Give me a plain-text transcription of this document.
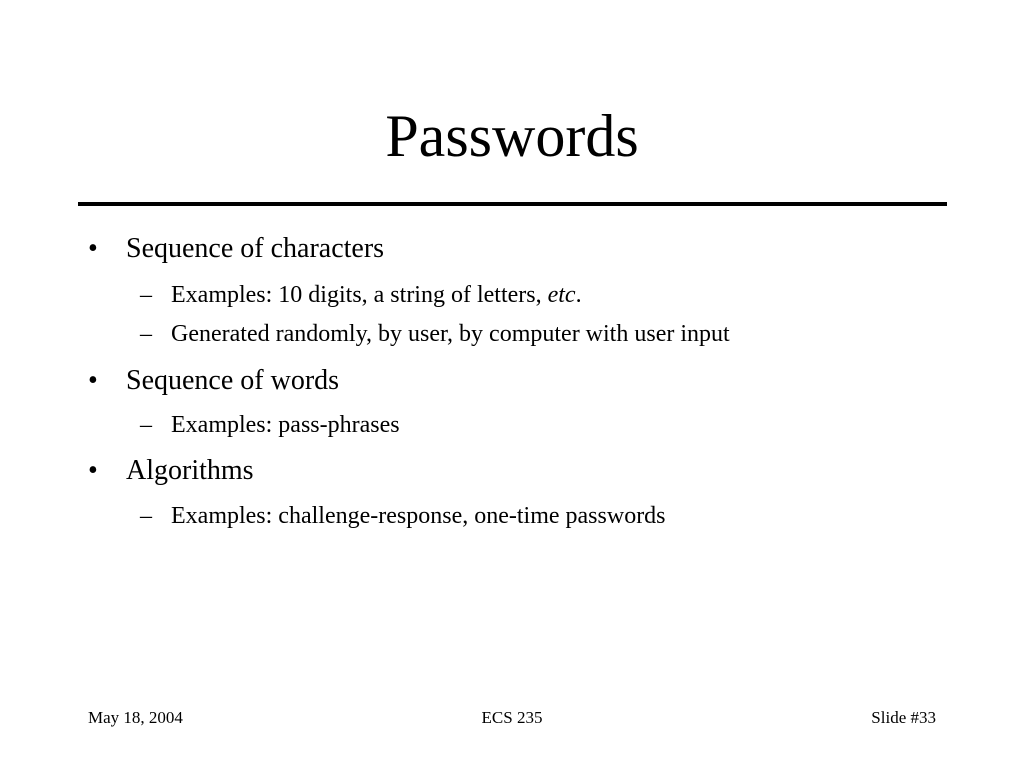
Passwords
• Sequence of characters
– Examples: 10 digits, a string of letters, etc.
– Generated randomly, by user, by computer with user input
• Sequence of words
– Examples: pass-phrases
• Algorithms
– Examples: challenge-response, one-time passwords
May 18, 2004	ECS 235	Slide #33
